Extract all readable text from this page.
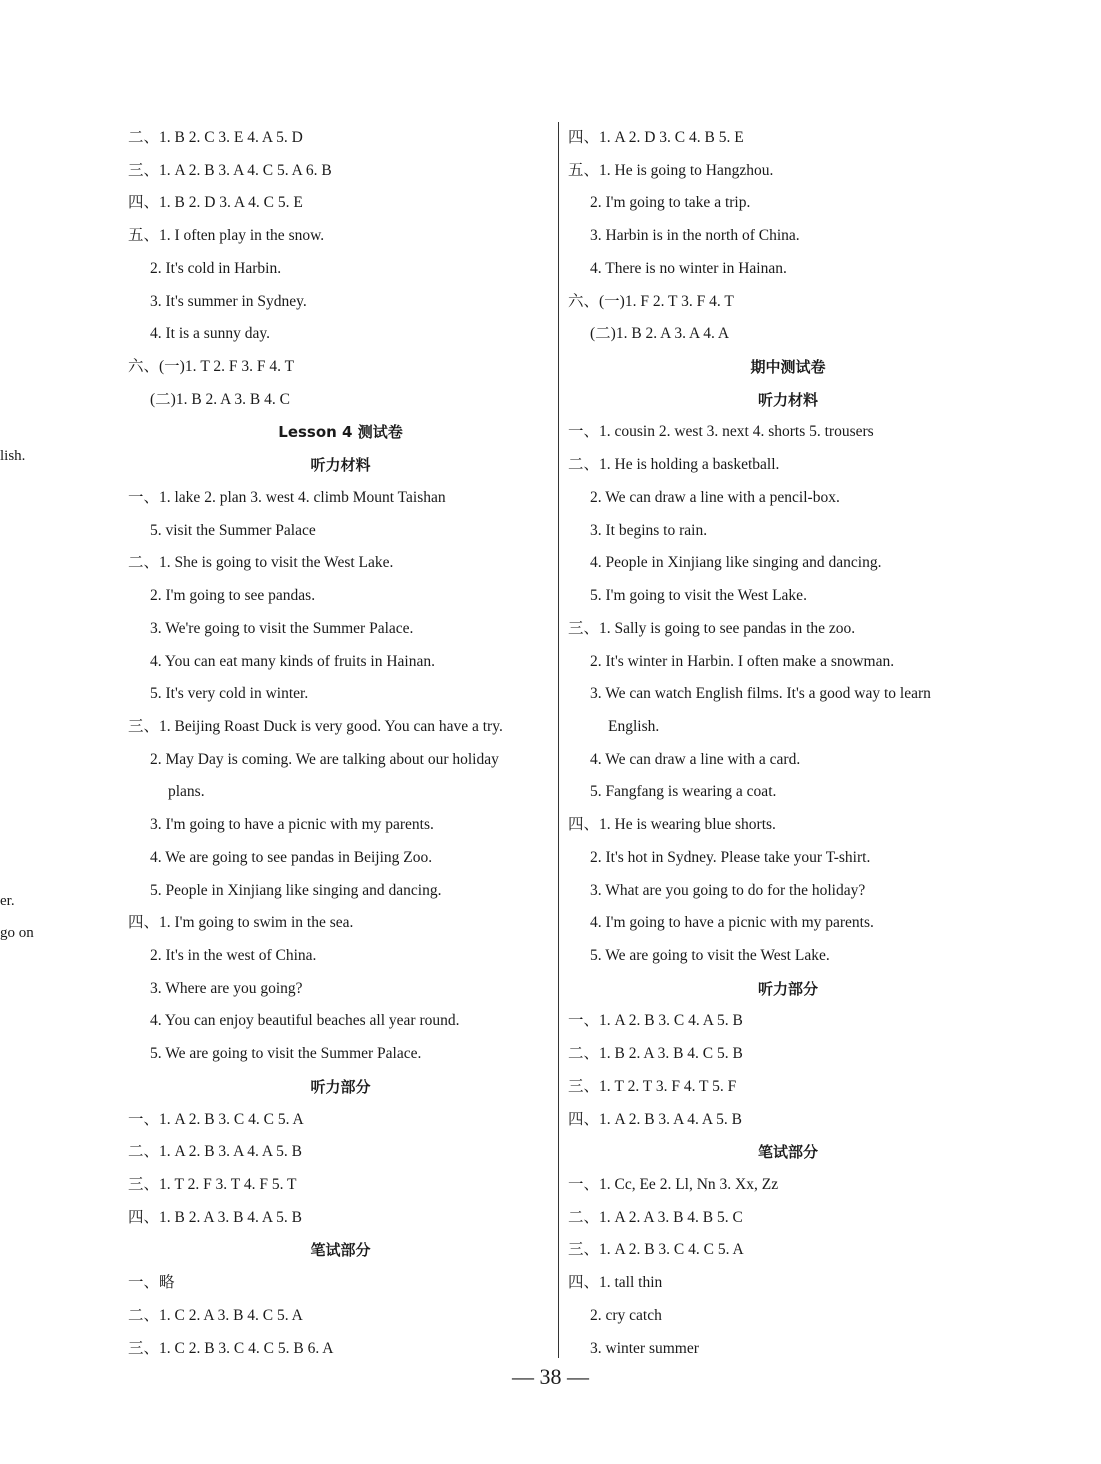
lish.
er.
go on
二、1. B 2. C 3. E 4. A 5. D
三、1. A 2. B 3. A 4. C 5. A 6. B
四、1. B 2. D 3. A 4. C 5. E
五、1. I often play in the snow.
2. It's cold in Harbin.
3. It's summer in Sydney.
4. It is a sunny day.
六、(一)1. T 2. F 3. F 4. T
(二)1. B 2. A 3. B 4. C
Lesson 4 测试卷
听力材料
一、1. lake 2. plan 3. west 4. climb Mount Taishan
5. visit the Summer Palace
二、1. She is going to visit the West Lake.
2. I'm going to see pandas.
3. We're going to visit the Summer Palace.
4. You can eat many kinds of fruits in Hainan.
5. It's very cold in winter.
三、1. Beijing Roast Duck is very good. You can have a try.
2. May Day is coming. We are talking about our holiday
plans.
3. I'm going to have a picnic with my parents.
4. We are going to see pandas in Beijing Zoo.
5. People in Xinjiang like singing and dancing.
四、1. I'm going to swim in the sea.
2. It's in the west of China.
3. Where are you going?
4. You can enjoy beautiful beaches all year round.
5. We are going to visit the Summer Palace.
听力部分
一、1. A 2. B 3. C 4. C 5. A
二、1. A 2. B 3. A 4. A 5. B
三、1. T 2. F 3. T 4. F 5. T
四、1. B 2. A 3. B 4. A 5. B
笔试部分
一、略
二、1. C 2. A 3. B 4. C 5. A
三、1. C 2. B 3. C 4. C 5. B 6. A
四、1. A 2. D 3. C 4. B 5. E
五、1. He is going to Hangzhou.
2. I'm going to take a trip.
3. Harbin is in the north of China.
4. There is no winter in Hainan.
六、(一)1. F 2. T 3. F 4. T
(二)1. B 2. A 3. A 4. A
期中测试卷
听力材料
一、1. cousin 2. west 3. next 4. shorts 5. trousers
二、1. He is holding a basketball.
2. We can draw a line with a pencil-box.
3. It begins to rain.
4. People in Xinjiang like singing and dancing.
5. I'm going to visit the West Lake.
三、1. Sally is going to see pandas in the zoo.
2. It's winter in Harbin. I often make a snowman.
3. We can watch English films. It's a good way to learn
English.
4. We can draw a line with a card.
5. Fangfang is wearing a coat.
四、1. He is wearing blue shorts.
2. It's hot in Sydney. Please take your T-shirt.
3. What are you going to do for the holiday?
4. I'm going to have a picnic with my parents.
5. We are going to visit the West Lake.
听力部分
一、1. A 2. B 3. C 4. A 5. B
二、1. B 2. A 3. B 4. C 5. B
三、1. T 2. T 3. F 4. T 5. F
四、1. A 2. B 3. A 4. A 5. B
笔试部分
一、1. Cc, Ee 2. Ll, Nn 3. Xx, Zz
二、1. A 2. A 3. B 4. B 5. C
三、1. A 2. B 3. C 4. C 5. A
四、1. tall thin
2. cry catch
3. winter summer
— 38 —
